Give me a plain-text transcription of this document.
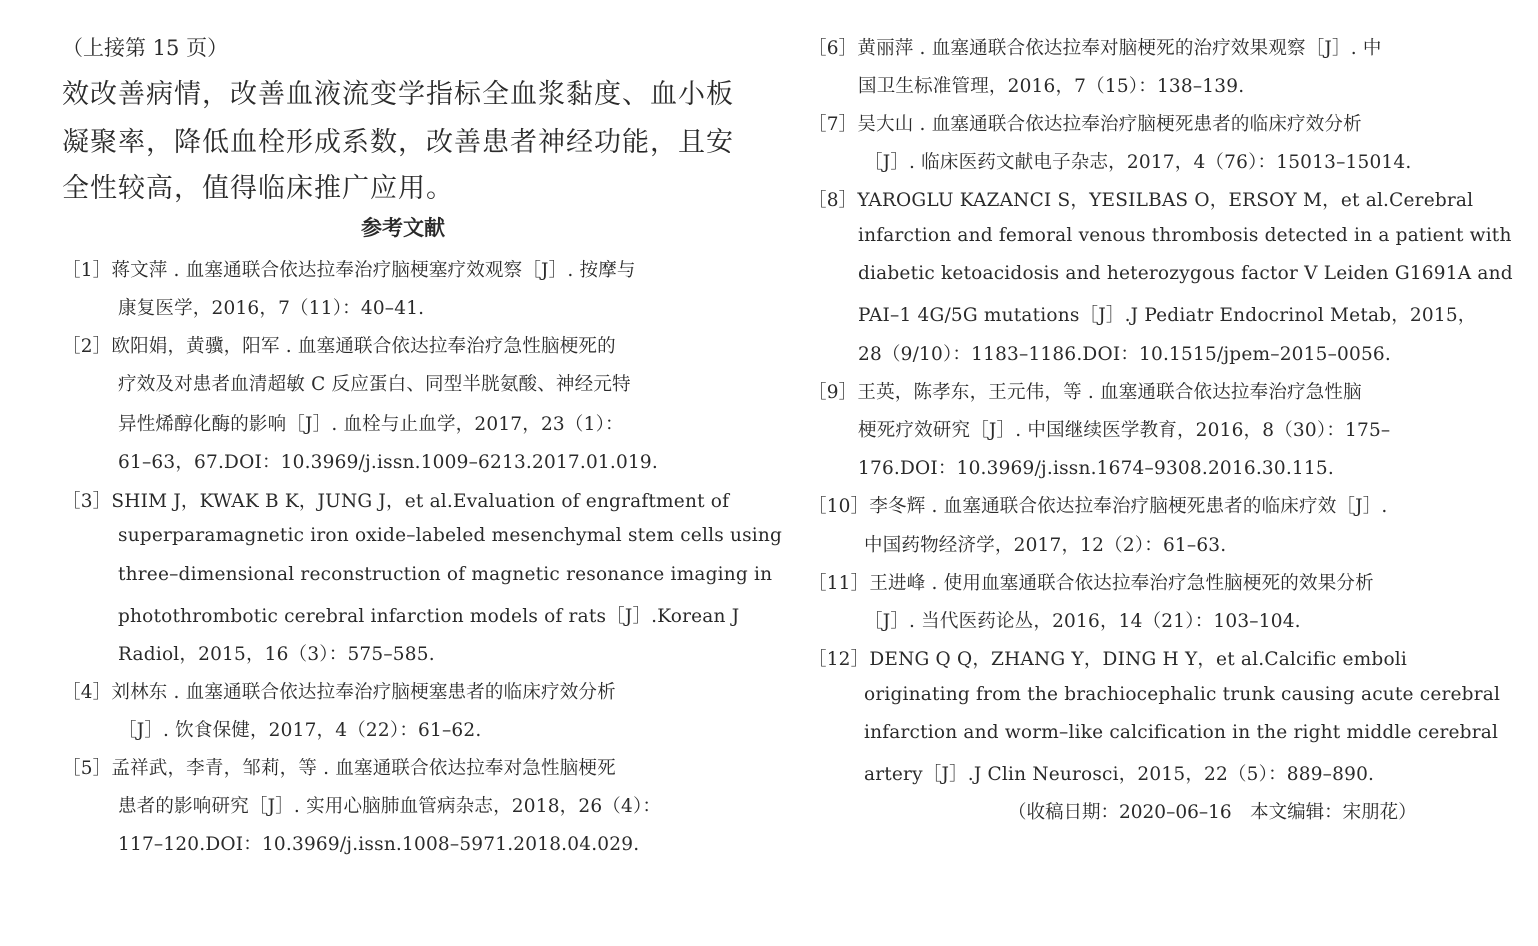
（上接第 15 页）
效改善病情，改善血液流变学指标全血浆黏度、血小板
凝聚率，降低血栓形成系数，改善患者神经功能，且安
全性较高，值得临床推广应用。
参考文献
［1］蒋文萍 . 血塞通联合依达拉奉治疗脑梗塞疗效观察［J］. 按摩与
康复医学，2016，7（11）：40–41.
［2］欧阳娟，黄骥，阳军 . 血塞通联合依达拉奉治疗急性脑梗死的
疗效及对患者血清超敏 C 反应蛋白、同型半胱氨酸、神经元特
异性烯醇化酶的影响［J］. 血栓与止血学，2017，23（1）：
61–63，67.DOI：10.3969/j.issn.1009–6213.2017.01.019.
［3］SHIM J，KWAK B K，JUNG J，et al.Evaluation of engraftment of
superparamagnetic iron oxide–labeled mesenchymal stem cells using
three–dimensional reconstruction of magnetic resonance imaging in
photothrombotic cerebral infarction models of rats［J］.Korean J
Radiol，2015，16（3）：575–585.
［4］刘林东 . 血塞通联合依达拉奉治疗脑梗塞患者的临床疗效分析
［J］. 饮食保健，2017，4（22）：61–62.
［5］孟祥武，李青，邹莉，等 . 血塞通联合依达拉奉对急性脑梗死
患者的影响研究［J］. 实用心脑肺血管病杂志，2018，26（4）：
117–120.DOI：10.3969/j.issn.1008–5971.2018.04.029.
［6］黄丽萍 . 血塞通联合依达拉奉对脑梗死的治疗效果观察［J］. 中
国卫生标准管理，2016，7（15）：138–139.
［7］吴大山 . 血塞通联合依达拉奉治疗脑梗死患者的临床疗效分析
［J］. 临床医药文献电子杂志，2017，4（76）：15013–15014.
［8］YAROGLU KAZANCI S，YESILBAS O，ERSOY M，et al.Cerebral
infarction and femoral venous thrombosis detected in a patient with
diabetic ketoacidosis and heterozygous factor V Leiden G1691A and
PAI–1 4G/5G mutations［J］.J Pediatr Endocrinol Metab，2015，
28（9/10）：1183–1186.DOI：10.1515/jpem–2015–0056.
［9］王英，陈孝东，王元伟，等 . 血塞通联合依达拉奉治疗急性脑
梗死疗效研究［J］. 中国继续医学教育，2016，8（30）：175–
176.DOI：10.3969/j.issn.1674–9308.2016.30.115.
［10］李冬辉 . 血塞通联合依达拉奉治疗脑梗死患者的临床疗效［J］.
中国药物经济学，2017，12（2）：61–63.
［11］王进峰 . 使用血塞通联合依达拉奉治疗急性脑梗死的效果分析
［J］. 当代医药论丛，2016，14（21）：103–104.
［12］DENG Q Q，ZHANG Y，DING H Y，et al.Calcific emboli
originating from the brachiocephalic trunk causing acute cerebral
infarction and worm–like calcification in the right middle cerebral
artery［J］.J Clin Neurosci，2015，22（5）：889–890.
（收稿日期：2020–06–16　本文编辑：宋朋花）
